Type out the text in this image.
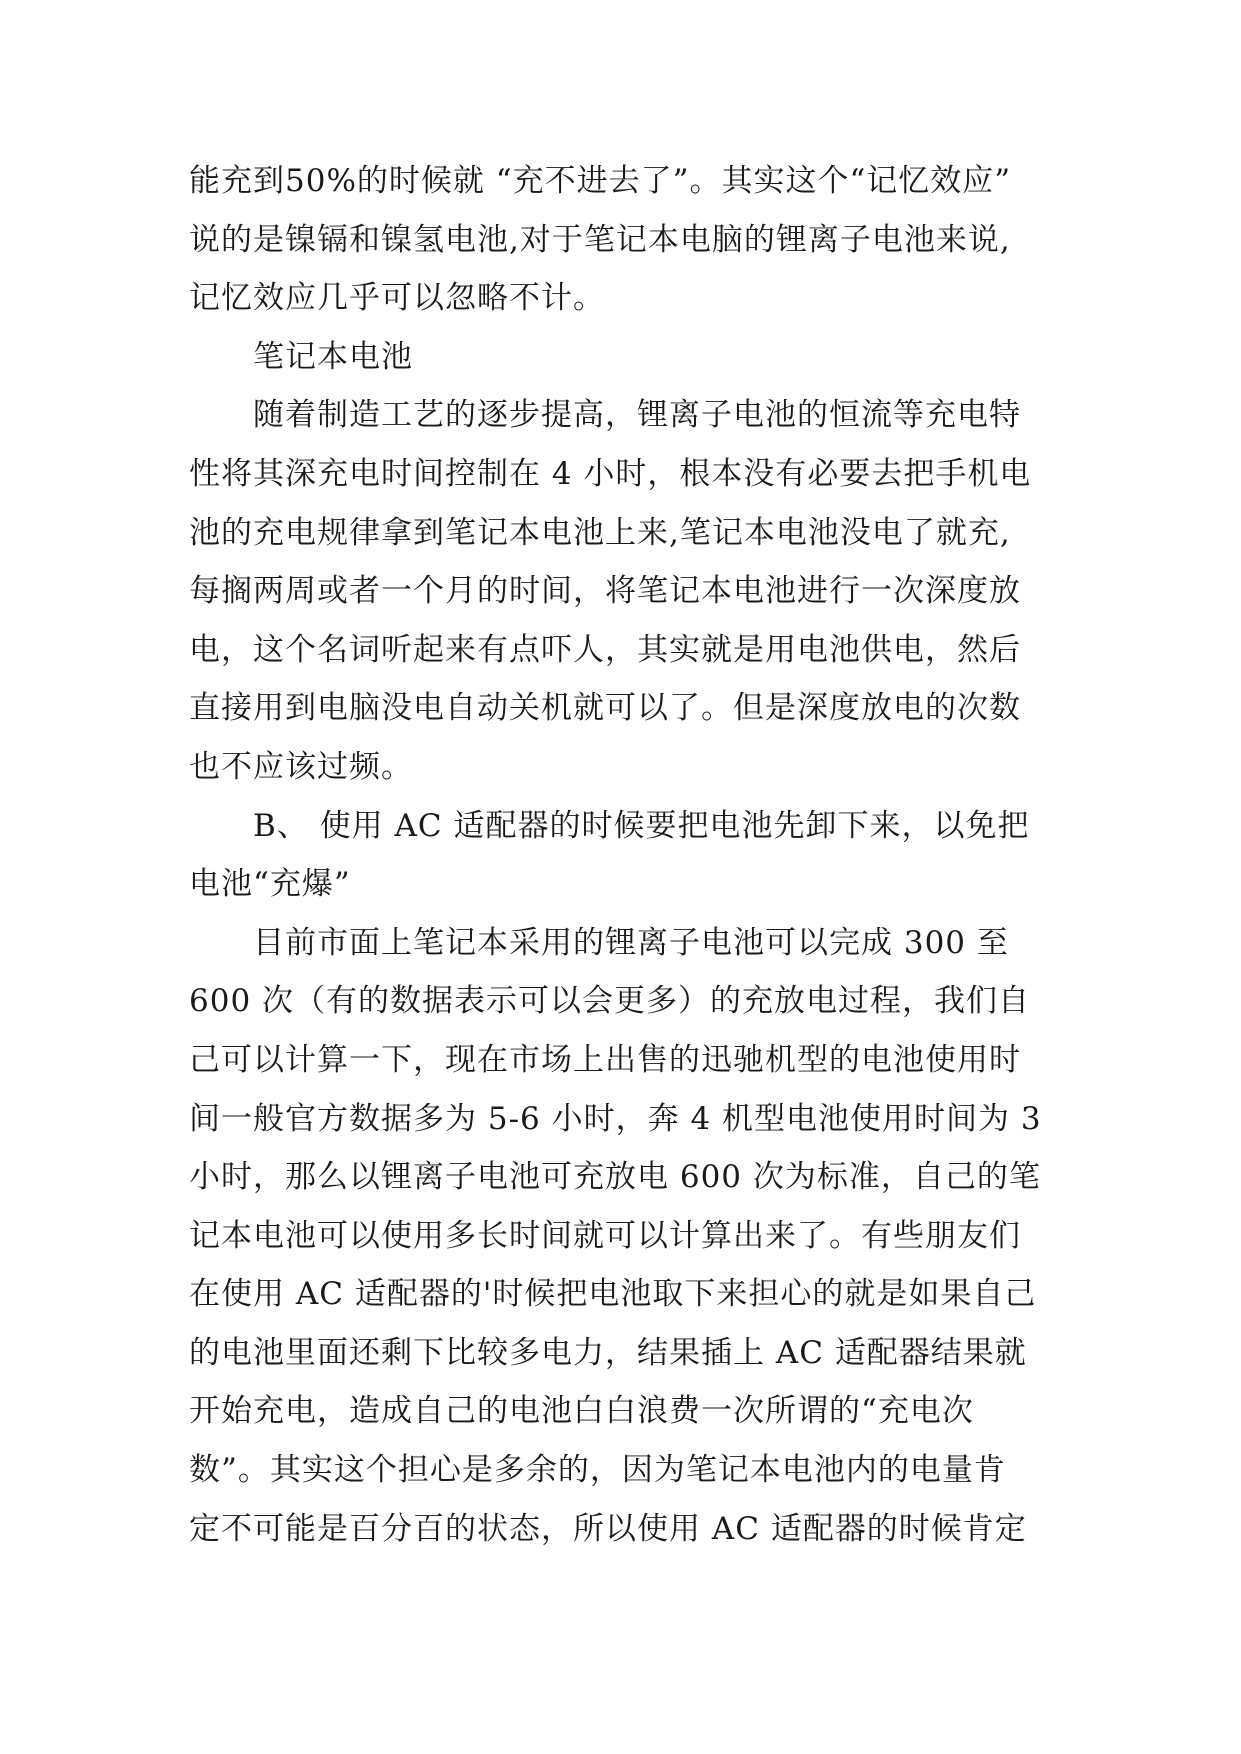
能充到50%的时候就 “充不进去了”。其实这个“记忆效应”
说的是镍镉和镍氢电池,对于笔记本电脑的锂离子电池来说,
记忆效应几乎可以忽略不计。
笔记本电池
随着制造工艺的逐步提高，锂离子电池的恒流等充电特
性将其深充电时间控制在 4 小时，根本没有必要去把手机电
池的充电规律拿到笔记本电池上来,笔记本电池没电了就充,
每搁两周或者一个月的时间，将笔记本电池进行一次深度放
电，这个名词听起来有点吓人，其实就是用电池供电，然后
直接用到电脑没电自动关机就可以了。但是深度放电的次数
也不应该过频。
B、 使用 AC 适配器的时候要把电池先卸下来，以免把
电池“充爆”
目前市面上笔记本采用的锂离子电池可以完成 300 至
600 次（有的数据表示可以会更多）的充放电过程，我们自
己可以计算一下，现在市场上出售的迅驰机型的电池使用时
间一般官方数据多为 5-6 小时，奔 4 机型电池使用时间为 3
小时，那么以锂离子电池可充放电 600 次为标准，自己的笔
记本电池可以使用多长时间就可以计算出来了。有些朋友们
在使用 AC 适配器的'时候把电池取下来担心的就是如果自己
的电池里面还剩下比较多电力，结果插上 AC 适配器结果就
开始充电，造成自己的电池白白浪费一次所谓的“充电次
数”。其实这个担心是多余的，因为笔记本电池内的电量肯
定不可能是百分百的状态，所以使用 AC 适配器的时候肯定
